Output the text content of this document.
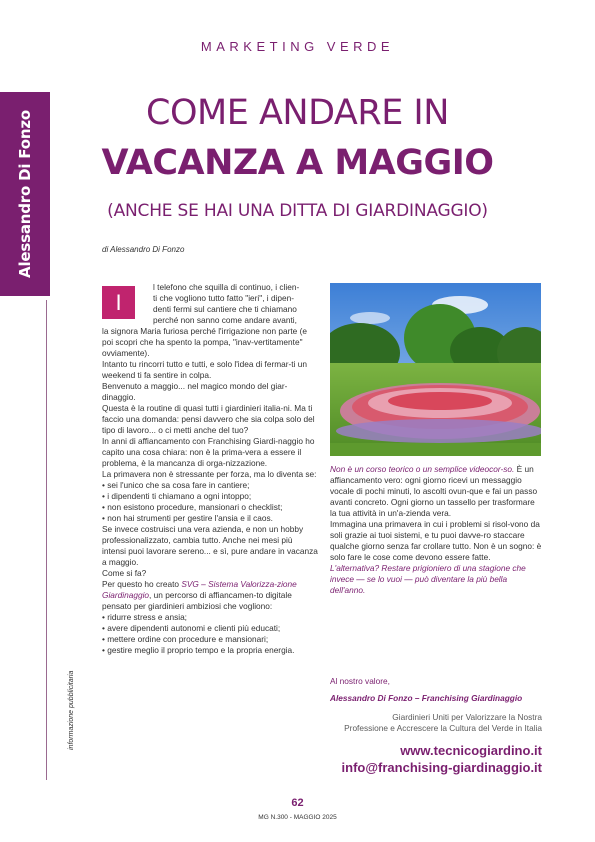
Alessandro Di Fonzo
informazione pubblicitaria
MARKETING VERDE
COME ANDARE IN
VACANZA A MAGGIO
(ANCHE SE HAI UNA DITTA DI GIARDINAGGIO)
di Alessandro Di Fonzo
I

l telefono che squilla di continuo, i clien-

ti che vogliono tutto fatto "ieri", i dipen-

denti fermi sul cantiere che ti chiamano

perché non sanno come andare avanti,

la signora Maria furiosa perché l'irrigazione non parte (e poi scopri che ha spento la pompa, "inav-vertitamente" ovviamente).

Intanto tu rincorri tutto e tutti, e solo l'idea di fermar-ti un weekend ti fa sentire in colpa.

Benvenuto a maggio... nel magico mondo del giar-dinaggio.

Questa è la routine di quasi tutti i giardinieri italia-ni. Ma ti faccio una domanda: pensi davvero che sia colpa solo del tipo di lavoro... o ci metti anche del tuo?

In anni di affiancamento con Franchising Giardi-naggio ho capito una cosa chiara: non è la prima-vera a essere il problema, è la mancanza di orga-nizzazione.

La primavera non è stressante per forza, ma lo diventa se:

• sei l'unico che sa cosa fare in cantiere;

• i dipendenti ti chiamano a ogni intoppo;

• non esistono procedure, mansionari o checklist;

• non hai strumenti per gestire l'ansia e il caos.

Se invece costruisci una vera azienda, e non un hobby professionalizzato, cambia tutto. Anche nei mesi più intensi puoi lavorare sereno... e sì, pure andare in vacanza a maggio.

Come si fa?

Per questo ho creato SVG – Sistema Valorizza-zione Giardinaggio, un percorso di affiancamen-to digitale pensato per giardinieri ambiziosi che vogliono:

• ridurre stress e ansia;

• avere dipendenti autonomi e clienti più educati;

• mettere ordine con procedure e mansionari;

• gestire meglio il proprio tempo e la propria energia.

Non è un corso teorico o un semplice videocor-so. È un affiancamento vero: ogni giorno ricevi un messaggio vocale di pochi minuti, lo ascolti ovun-que e fai un passo avanti concreto. Ogni giorno un tassello per trasformare la tua attività in un'a-zienda vera.

Immagina una primavera in cui i problemi si risol-vono da soli grazie ai tuoi sistemi, e tu puoi davve-ro staccare qualche giorno senza far crollare tutto. Non è un sogno: è solo fare le cose come devono essere fatte.

L'alternativa? Restare prigioniero di una stagione che invece — se lo vuoi — può diventare la più bella dell'anno.

Al nostro valore,
Alessandro Di Fonzo – Franchising Giardinaggio
Giardinieri Uniti per Valorizzare la Nostra
Professione e Accrescere la Cultura del Verde in Italia
www.tecnicogiardino.it
info@franchising-giardinaggio.it
62
MG N.300 - MAGGIO 2025
